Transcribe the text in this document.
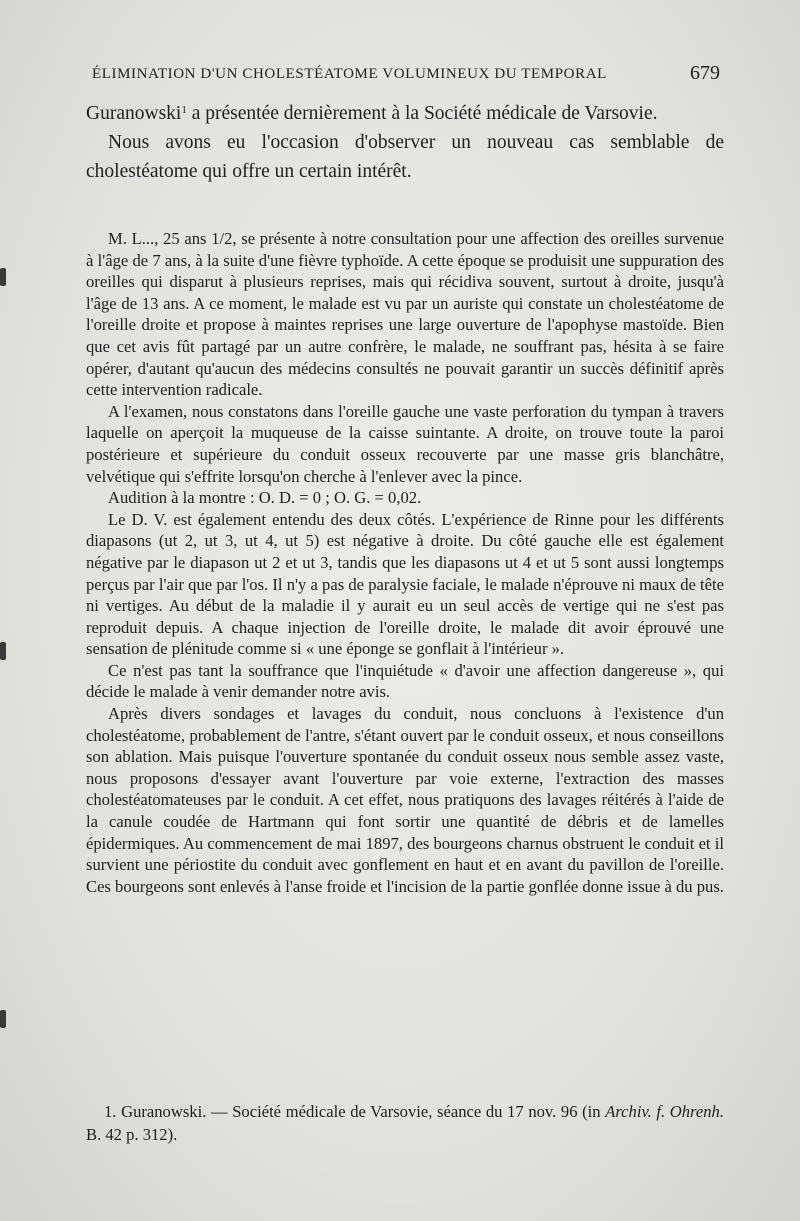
ÉLIMINATION D'UN CHOLESTÉATOME VOLUMINEUX DU TEMPORAL	679

Guranowski$^1$ a présentée dernièrement à la Société médicale de Varsovie.

Nous avons eu l'occasion d'observer un nouveau cas semblable de cholestéatome qui offre un certain intérêt.

M. L..., 25 ans 1/2, se présente à notre consultation pour une affection des oreilles survenue à l'âge de 7 ans, à la suite d'une fièvre typhoïde. A cette époque se produisit une suppuration des oreilles qui disparut à plusieurs reprises, mais qui récidiva souvent, surtout à droite, jusqu'à l'âge de 13 ans. A ce moment, le malade est vu par un auriste qui constate un cholestéatome de l'oreille droite et propose à maintes reprises une large ouverture de l'apophyse mastoïde. Bien que cet avis fût partagé par un autre confrère, le malade, ne souffrant pas, hésita à se faire opérer, d'autant qu'aucun des médecins consultés ne pouvait garantir un succès définitif après cette intervention radicale.

A l'examen, nous constatons dans l'oreille gauche une vaste perforation du tympan à travers laquelle on aperçoit la muqueuse de la caisse suintante. A droite, on trouve toute la paroi postérieure et supérieure du conduit osseux recouverte par une masse gris blanchâtre, velvétique qui s'effrite lorsqu'on cherche à l'enlever avec la pince.

Audition à la montre : O. D. = 0 ; O. G. = 0,02.

Le D. V. est également entendu des deux côtés. L'expérience de Rinne pour les différents diapasons (ut 2, ut 3, ut 4, ut 5) est négative à droite. Du côté gauche elle est également négative par le diapason ut 2 et ut 3, tandis que les diapasons ut 4 et ut 5 sont aussi longtemps perçus par l'air que par l'os. Il n'y a pas de paralysie faciale, le malade n'éprouve ni maux de tête ni vertiges. Au début de la maladie il y aurait eu un seul accès de vertige qui ne s'est pas reproduit depuis. A chaque injection de l'oreille droite, le malade dit avoir éprouvé une sensation de plénitude comme si « une éponge se gonflait à l'intérieur ».

Ce n'est pas tant la souffrance que l'inquiétude « d'avoir une affection dangereuse », qui décide le malade à venir demander notre avis.

Après divers sondages et lavages du conduit, nous concluons à l'existence d'un cholestéatome, probablement de l'antre, s'étant ouvert par le conduit osseux, et nous conseillons son ablation. Mais puisque l'ouverture spontanée du conduit osseux nous semble assez vaste, nous proposons d'essayer avant l'ouverture par voie externe, l'extraction des masses cholestéatomateuses par le conduit. A cet effet, nous pratiquons des lavages réitérés à l'aide de la canule coudée de Hartmann qui font sortir une quantité de débris et de lamelles épidermiques. Au commencement de mai 1897, des bourgeons charnus obstruent le conduit et il survient une périostite du conduit avec gonflement en haut et en avant du pavillon de l'oreille. Ces bourgeons sont enlevés à l'anse froide et l'incision de la partie gonflée donne issue à du pus.

1. Guranowski. — Société médicale de Varsovie, séance du 17 nov. 96 (in Archiv. f. Ohrenh. B. 42 p. 312).
